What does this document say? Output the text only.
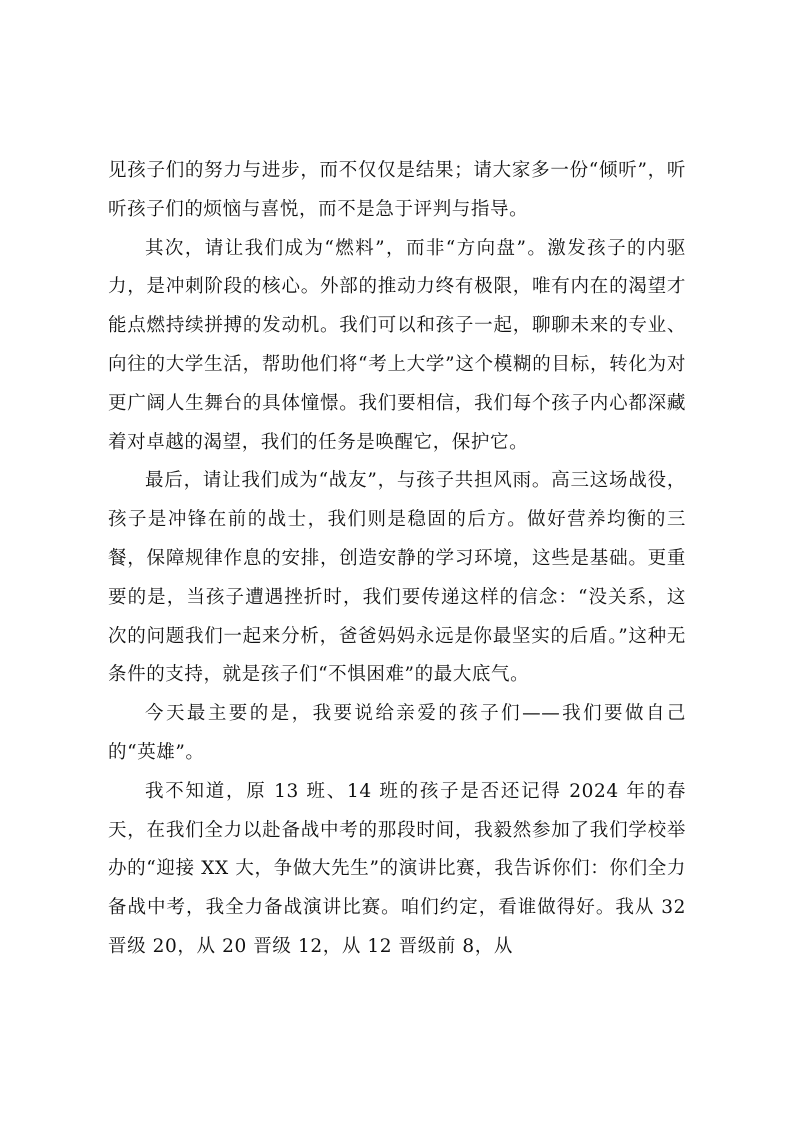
见孩子们的努力与进步，而不仅仅是结果；请大家多一份“倾听”，听听孩子们的烦恼与喜悦，而不是急于评判与指导。

其次，请让我们成为“燃料”，而非“方向盘”。激发孩子的内驱力，是冲刺阶段的核心。外部的推动力终有极限，唯有内在的渴望才能点燃持续拼搏的发动机。我们可以和孩子一起，聊聊未来的专业、向往的大学生活，帮助他们将“考上大学”这个模糊的目标，转化为对更广阔人生舞台的具体憧憬。我们要相信，我们每个孩子内心都深藏着对卓越的渴望，我们的任务是唤醒它，保护它。

最后，请让我们成为“战友”，与孩子共担风雨。高三这场战役，孩子是冲锋在前的战士，我们则是稳固的后方。做好营养均衡的三餐，保障规律作息的安排，创造安静的学习环境，这些是基础。更重要的是，当孩子遭遇挫折时，我们要传递这样的信念：“没关系，这次的问题我们一起来分析，爸爸妈妈永远是你最坚实的后盾。”这种无条件的支持，就是孩子们“不惧困难”的最大底气。

今天最主要的是，我要说给亲爱的孩子们——我们要做自己的“英雄”。

我不知道，原 13 班、14 班的孩子是否还记得 2024 年的春天，在我们全力以赴备战中考的那段时间，我毅然参加了我们学校举办的“迎接 XX 大，争做大先生”的演讲比赛，我告诉你们：你们全力备战中考，我全力备战演讲比赛。咱们约定，看谁做得好。我从 32 晋级 20，从 20 晋级 12，从 12 晋级前 8，从
